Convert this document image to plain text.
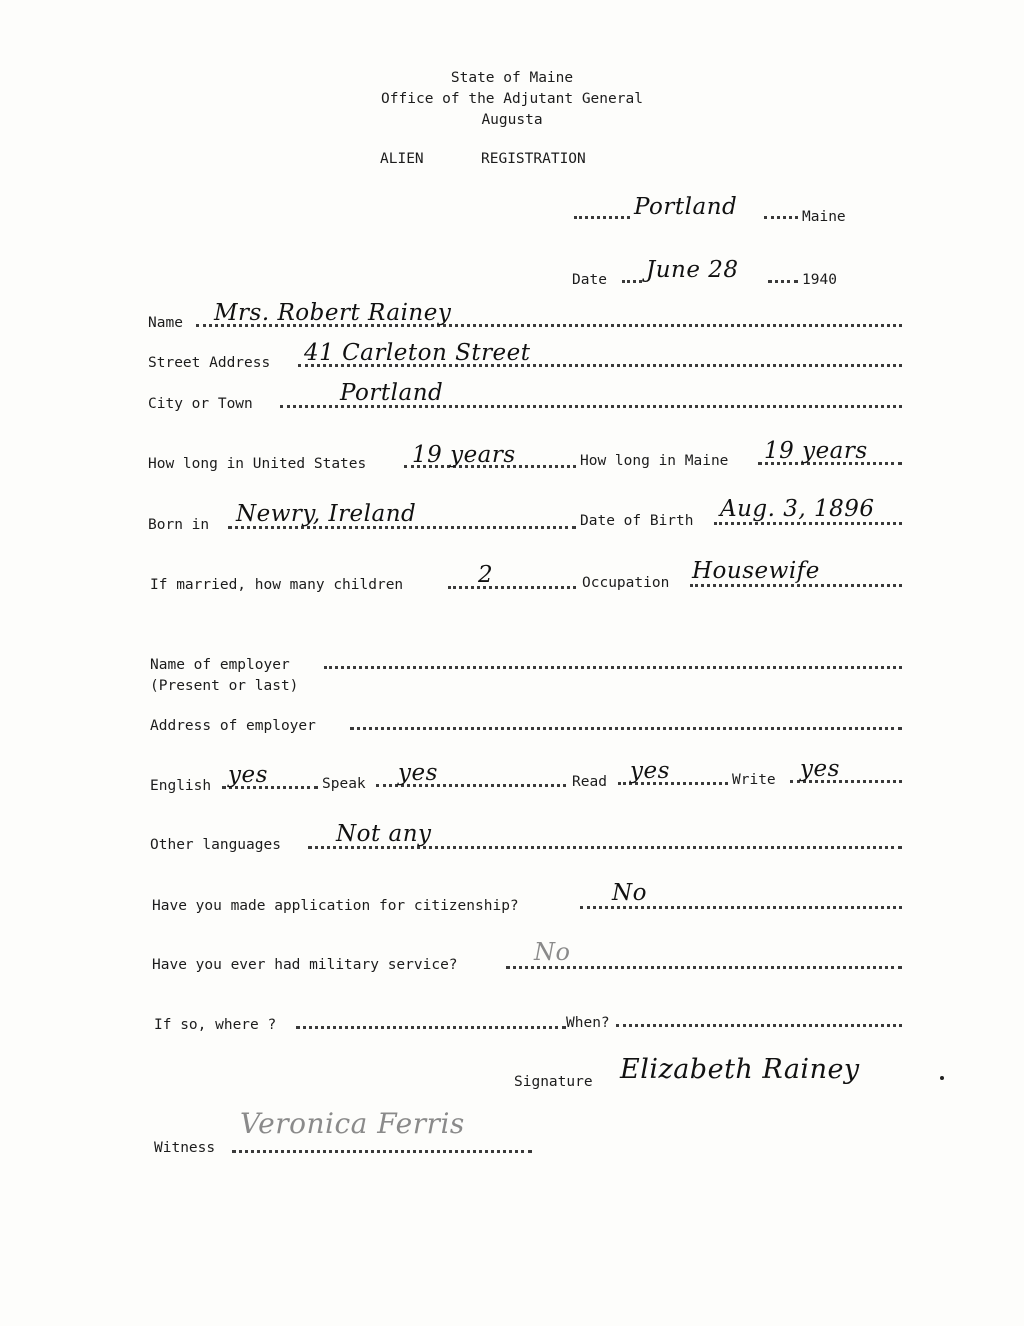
State of Maine
Office of the Adjutant General
Augusta
ALIEN	REGISTRATION
Portland	Maine
Date June 28	1940
Name Mrs. Robert Rainey
Street Address 41 Carleton Street
City or Town	Portland
How long in United States 19 years	How long in Maine 19 years
Born in Newry, Ireland	Date of Birth Aug. 3, 1896
If married, how many children	2	Occupation Housewife
Name of employer
(Present or last)
Address of employer
English yes	Speak yes	Read yes	Write yes
Other languages Not any
Have you made application for citizenship?	No
Have you ever had military service?	No
If so, where ?	When?
Signature Elizabeth Rainey
Witness
Veronica Ferris
